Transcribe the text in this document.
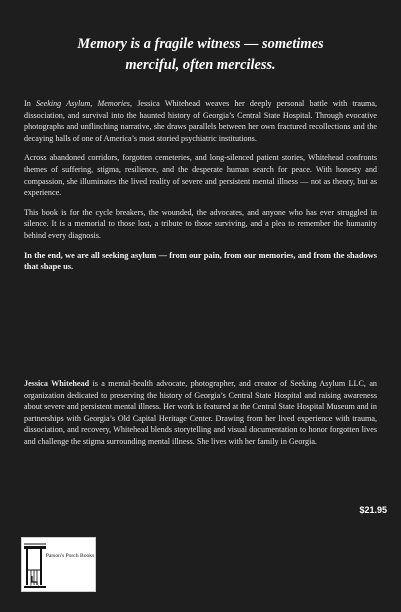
Memory is a fragile witness — sometimes
merciful, often merciless.

In Seeking Asylum, Memories, Jessica Whitehead weaves her deeply personal battle with trauma, dissociation, and survival into the haunted history of Georgia’s Central State Hospital. Through evocative photographs and unflinching narrative, she draws parallels between her own fractured recollections and the decaying halls of one of America’s most storied psychiatric institutions.

Across abandoned corridors, forgotten cemeteries, and long-silenced patient stories, Whitehead confronts themes of suffering, stigma, resilience, and the desperate human search for peace. With honesty and compassion, she illuminates the lived reality of severe and persistent mental illness — not as theory, but as experience.

This book is for the cycle breakers, the wounded, the advocates, and anyone who has ever struggled in silence. It is a memorial to those lost, a tribute to those surviving, and a plea to remember the humanity behind every diagnosis.

In the end, we are all seeking asylum — from our pain, from our memories, and from the shadows that shape us.

Jessica Whitehead is a mental-health advocate, photographer, and creator of Seeking Asylum LLC, an organization dedicated to preserving the history of Georgia’s Central State Hospital and raising awareness about severe and persistent mental illness. Her work is featured at the Central State Hospital Museum and in partnerships with Georgia’s Old Capital Heritage Center. Drawing from her lived experience with trauma, dissociation, and recovery, Whitehead blends storytelling and visual documentation to honor forgotten lives and challenge the stigma surrounding mental illness. She lives with her family in Georgia.
$21.95
Parson's Porch Books
